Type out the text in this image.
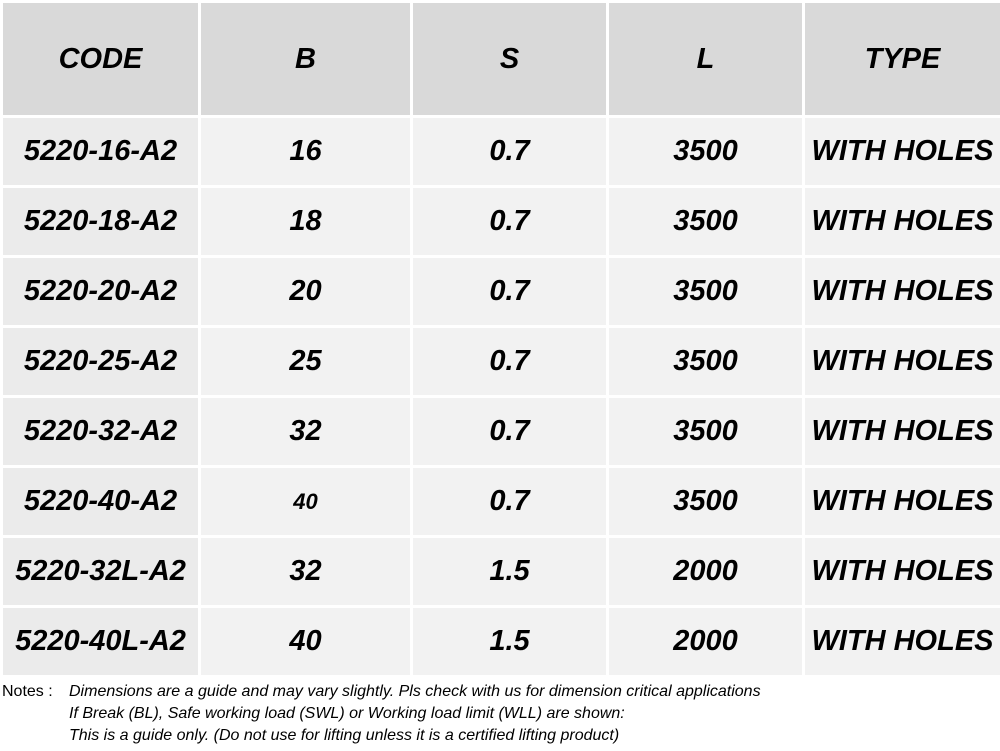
CODE	B	S	L	TYPE
5220-16-A2	16	0.7	3500	WITH HOLES
5220-18-A2	18	0.7	3500	WITH HOLES
5220-20-A2	20	0.7	3500	WITH HOLES
5220-25-A2	25	0.7	3500	WITH HOLES
5220-32-A2	32	0.7	3500	WITH HOLES
5220-40-A2	40	0.7	3500	WITH HOLES
5220-32L-A2	32	1.5	2000	WITH HOLES
5220-40L-A2	40	1.5	2000	WITH HOLES
Notes : Dimensions are a guide and may vary slightly. Pls check with us for dimension critical applications
If Break (BL), Safe working load (SWL) or Working load limit (WLL) are shown:
This is a guide only. (Do not use for lifting unless it is a certified lifting product)
